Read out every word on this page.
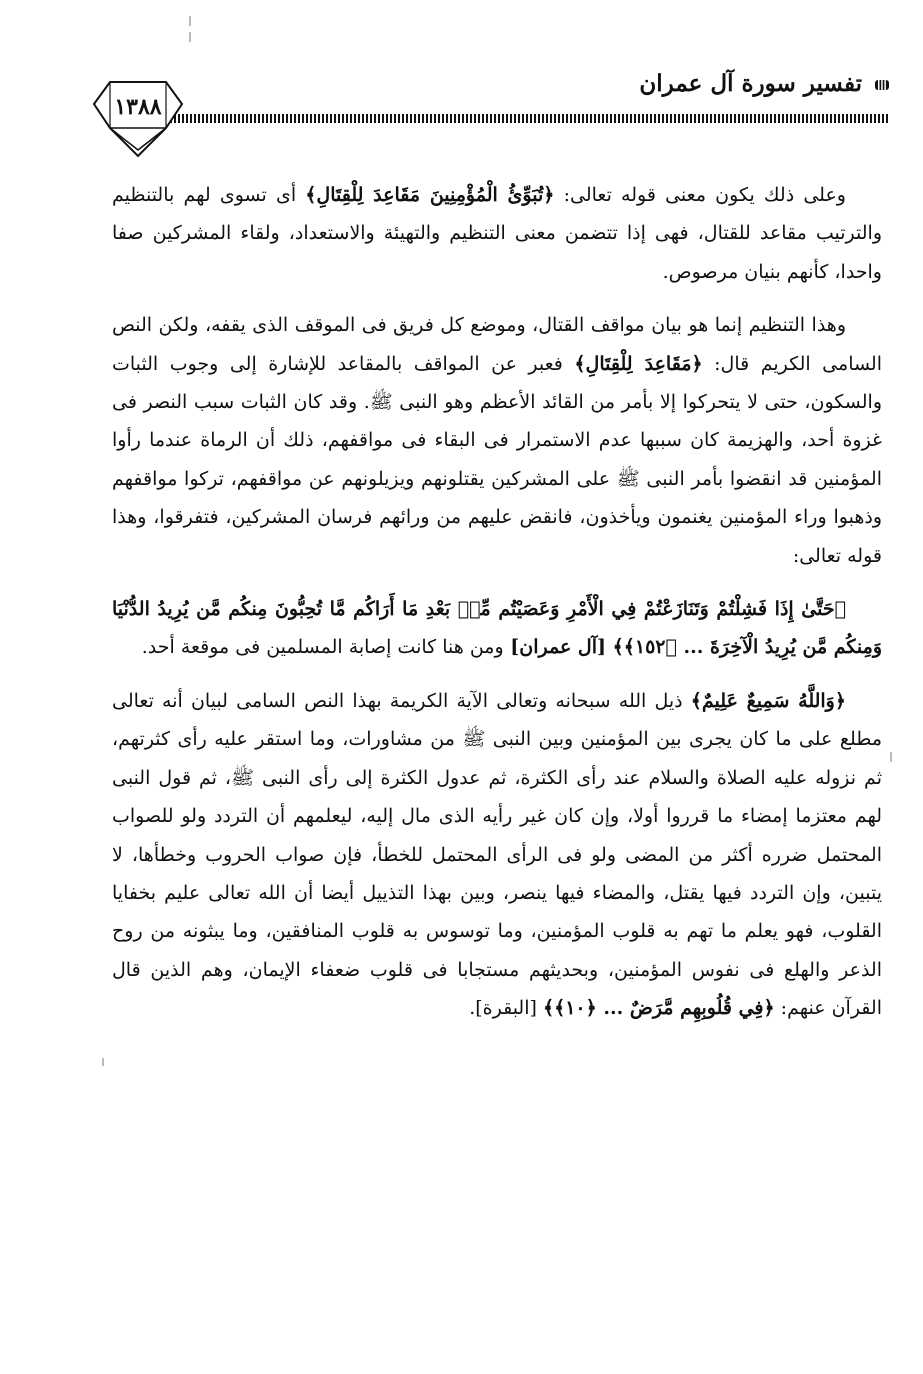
تفسير سورة آل عمران
١٣٨٨

وعلى ذلك يكون معنى قوله تعالى: ﴿تُبَوِّئُ الْمُؤْمِنِينَ مَقَاعِدَ لِلْقِتَالِ﴾ أى تسوى لهم بالتنظيم والترتيب مقاعد للقتال، فهى إذا تتضمن معنى التنظيم والتهيئة والاستعداد، ولقاء المشركين صفا واحدا، كأنهم بنيان مرصوص.

وهذا التنظيم إنما هو بيان مواقف القتال، وموضع كل فريق فى الموقف الذى يقفه، ولكن النص السامى الكريم قال: ﴿مَقَاعِدَ لِلْقِتَالِ﴾ فعبر عن المواقف بالمقاعد للإشارة إلى وجوب الثبات والسكون، حتى لا يتحركوا إلا بأمر من القائد الأعظم وهو النبى ﷺ. وقد كان الثبات سبب النصر فى غزوة أحد، والهزيمة كان سببها عدم الاستمرار فى البقاء فى مواقفهم، ذلك أن الرماة عندما رأوا المؤمنين قد انقضوا بأمر النبى ﷺ على المشركين يقتلونهم ويزيلونهم عن مواقفهم، تركوا مواقفهم وذهبوا وراء المؤمنين يغنمون ويأخذون، فانقض عليهم من ورائهم فرسان المشركين، فتفرقوا، وهذا قوله تعالى:

﴿حَتَّىٰ إِذَا فَشِلْتُمْ وَتَنَازَعْتُمْ فِي الْأَمْرِ وَعَصَيْتُم مِّنۢ بَعْدِ مَا أَرَاكُم مَّا تُحِبُّونَ مِنكُم مَّن يُرِيدُ الدُّنْيَا وَمِنكُم مَّن يُرِيدُ الْآخِرَةَ ... ﴿١٥٢﴾﴾ [آل عمران] ومن هنا كانت إصابة المسلمين فى موقعة أحد.

﴿وَاللَّهُ سَمِيعٌ عَلِيمٌ﴾ ذيل الله سبحانه وتعالى الآية الكريمة بهذا النص السامى لبيان أنه تعالى مطلع على ما كان يجرى بين المؤمنين وبين النبى ﷺ من مشاورات، وما استقر عليه رأى كثرتهم، ثم نزوله عليه الصلاة والسلام عند رأى الكثرة، ثم عدول الكثرة إلى رأى النبى ﷺ، ثم قول النبى لهم معتزما إمضاء ما قرروا أولا، وإن كان غير رأيه الذى مال إليه، ليعلمهم أن التردد ولو للصواب المحتمل ضرره أكثر من المضى ولو فى الرأى المحتمل للخطأ، فإن صواب الحروب وخطأها، لا يتبين، وإن التردد فيها يقتل، والمضاء فيها ينصر، وبين بهذا التذييل أيضا أن الله تعالى عليم بخفايا القلوب، فهو يعلم ما تهم به قلوب المؤمنين، وما توسوس به قلوب المنافقين، وما يبثونه من روح الذعر والهلع فى نفوس المؤمنين، وبحديثهم مستجابا فى قلوب ضعفاء الإيمان، وهم الذين قال القرآن عنهم: ﴿فِي قُلُوبِهِم مَّرَضٌ ... ﴿١٠﴾﴾ [البقرة].
